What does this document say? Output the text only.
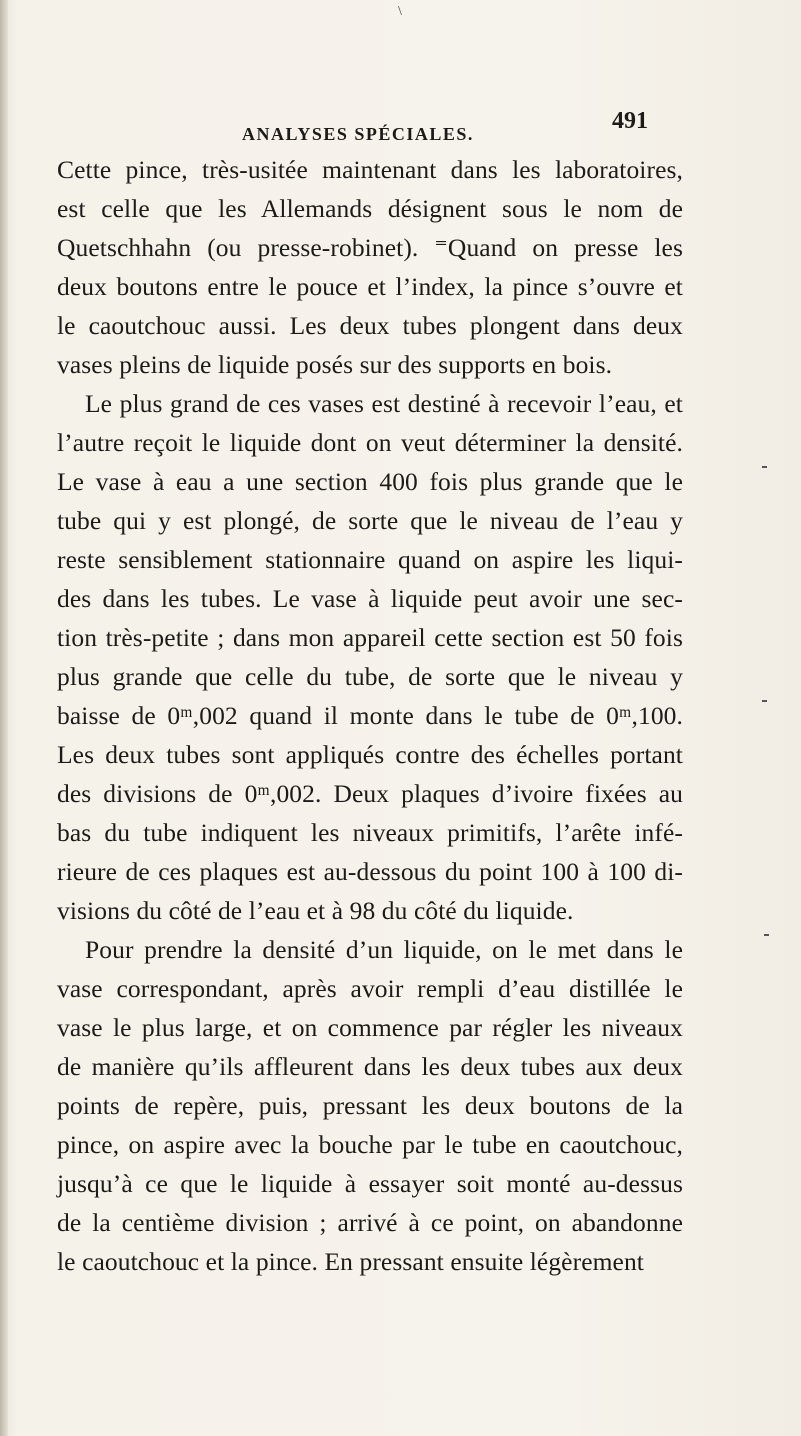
\
ANALYSES SPÉCIALES.	491
Cette pince, très-usitée maintenant dans les laboratoires,
est celle que les Allemands désignent sous le nom de
Quetschhahn (ou presse-robinet). ⁼Quand on presse les
deux boutons entre le pouce et l’index, la pince s’ouvre et
le caoutchouc aussi. Les deux tubes plongent dans deux
vases pleins de liquide posés sur des supports en bois.
Le plus grand de ces vases est destiné à recevoir l’eau, et
l’autre reçoit le liquide dont on veut déterminer la densité.
Le vase à eau a une section 400 fois plus grande que le
tube qui y est plongé, de sorte que le niveau de l’eau y
reste sensiblement stationnaire quand on aspire les liqui-
des dans les tubes. Le vase à liquide peut avoir une sec-
tion très-petite ; dans mon appareil cette section est 50 fois
plus grande que celle du tube, de sorte que le niveau y
baisse de 0ᵐ,002 quand il monte dans le tube de 0ᵐ,100.
Les deux tubes sont appliqués contre des échelles portant
des divisions de 0ᵐ,002. Deux plaques d’ivoire fixées au
bas du tube indiquent les niveaux primitifs, l’arête infé-
rieure de ces plaques est au-dessous du point 100 à 100 di-
visions du côté de l’eau et à 98 du côté du liquide.
Pour prendre la densité d’un liquide, on le met dans le
vase correspondant, après avoir rempli d’eau distillée le
vase le plus large, et on commence par régler les niveaux
de manière qu’ils affleurent dans les deux tubes aux deux
points de repère, puis, pressant les deux boutons de la
pince, on aspire avec la bouche par le tube en caoutchouc,
jusqu’à ce que le liquide à essayer soit monté au-dessus
de la centième division ; arrivé à ce point, on abandonne
le caoutchouc et la pince. En pressant ensuite légèrement
